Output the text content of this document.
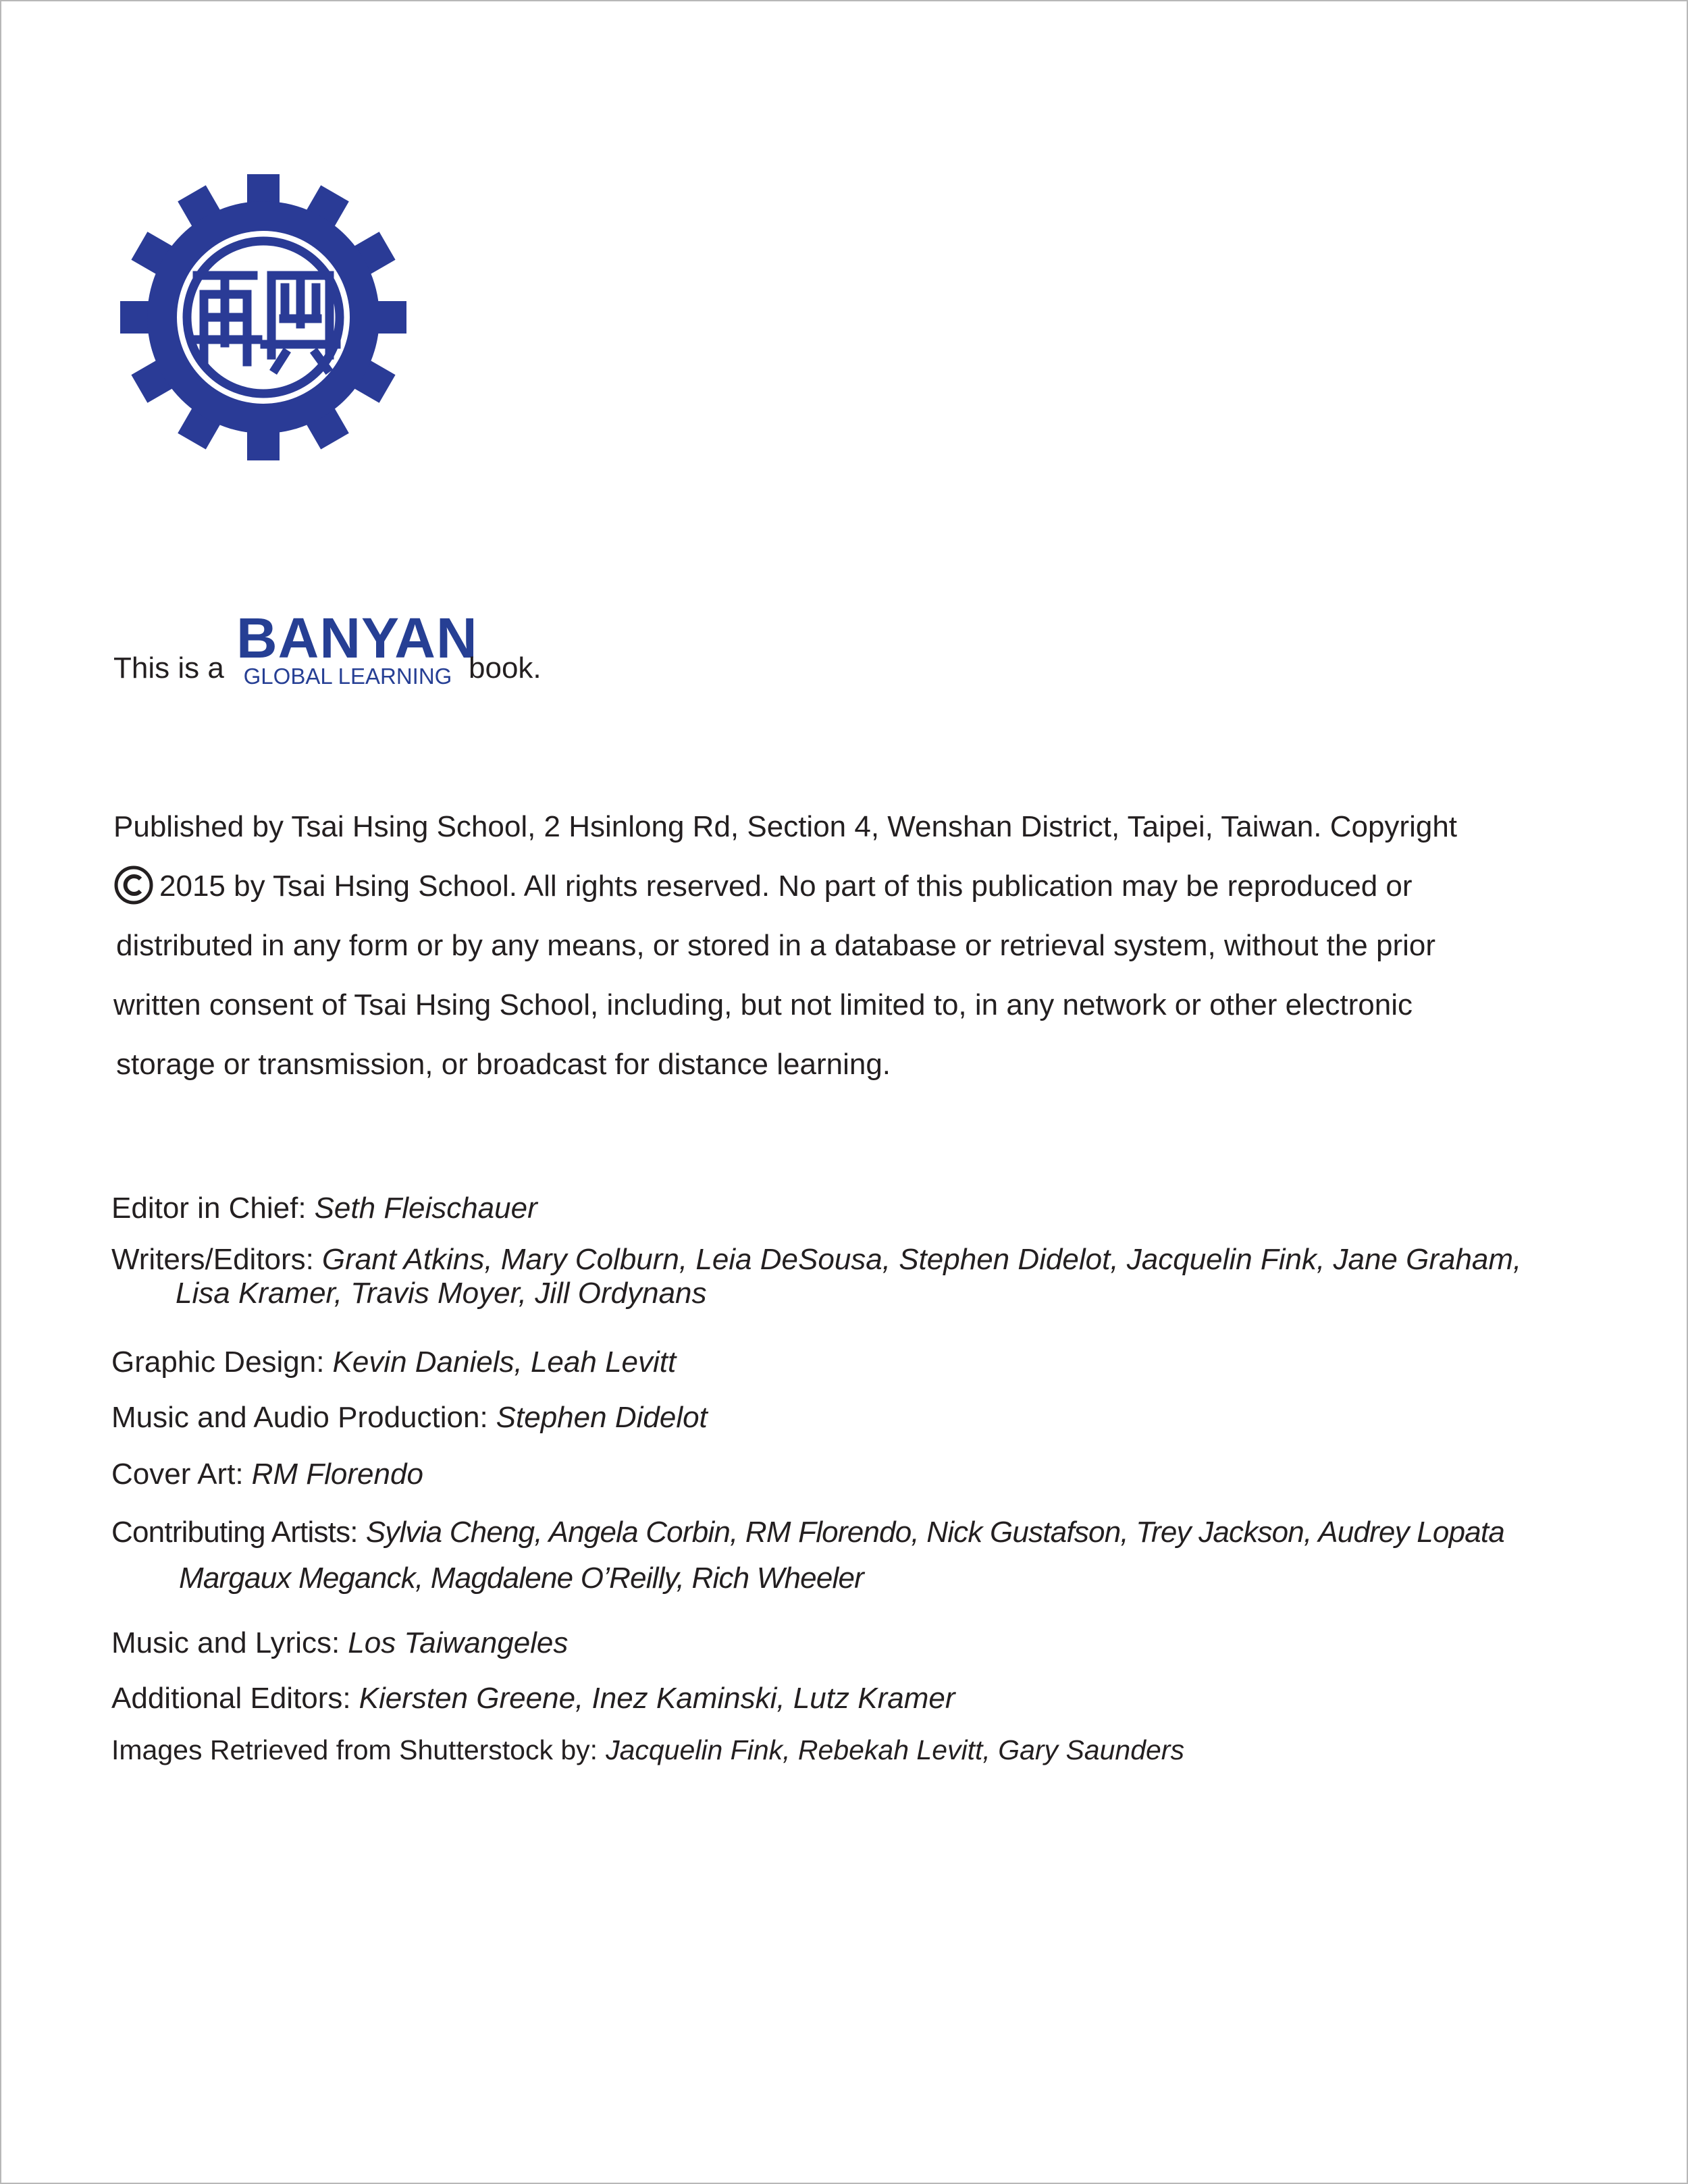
This is a BANYAN
GLOBAL LEARNING book.
Published by Tsai Hsing School, 2 Hsinlong Rd, Section 4, Wenshan District, Taipei, Taiwan. Copyright
2015 by Tsai Hsing School. All rights reserved. No part of this publication may be reproduced or
distributed in any form or by any means, or stored in a database or retrieval system, without the prior
written consent of Tsai Hsing School, including, but not limited to, in any network or other electronic
storage or transmission, or broadcast for distance learning.
Editor in Chief: Seth Fleischauer
Writers/Editors: Grant Atkins, Mary Colburn, Leia DeSousa, Stephen Didelot, Jacquelin Fink, Jane Graham,
Lisa Kramer, Travis Moyer, Jill Ordynans
Graphic Design: Kevin Daniels, Leah Levitt
Music and Audio Production: Stephen Didelot
Cover Art: RM Florendo
Contributing Artists: Sylvia Cheng, Angela Corbin, RM Florendo, Nick Gustafson, Trey Jackson, Audrey Lopata
Margaux Meganck, Magdalene O’Reilly, Rich Wheeler
Music and Lyrics: Los Taiwangeles
Additional Editors: Kiersten Greene, Inez Kaminski, Lutz Kramer
Images Retrieved from Shutterstock by: Jacquelin Fink, Rebekah Levitt, Gary Saunders
